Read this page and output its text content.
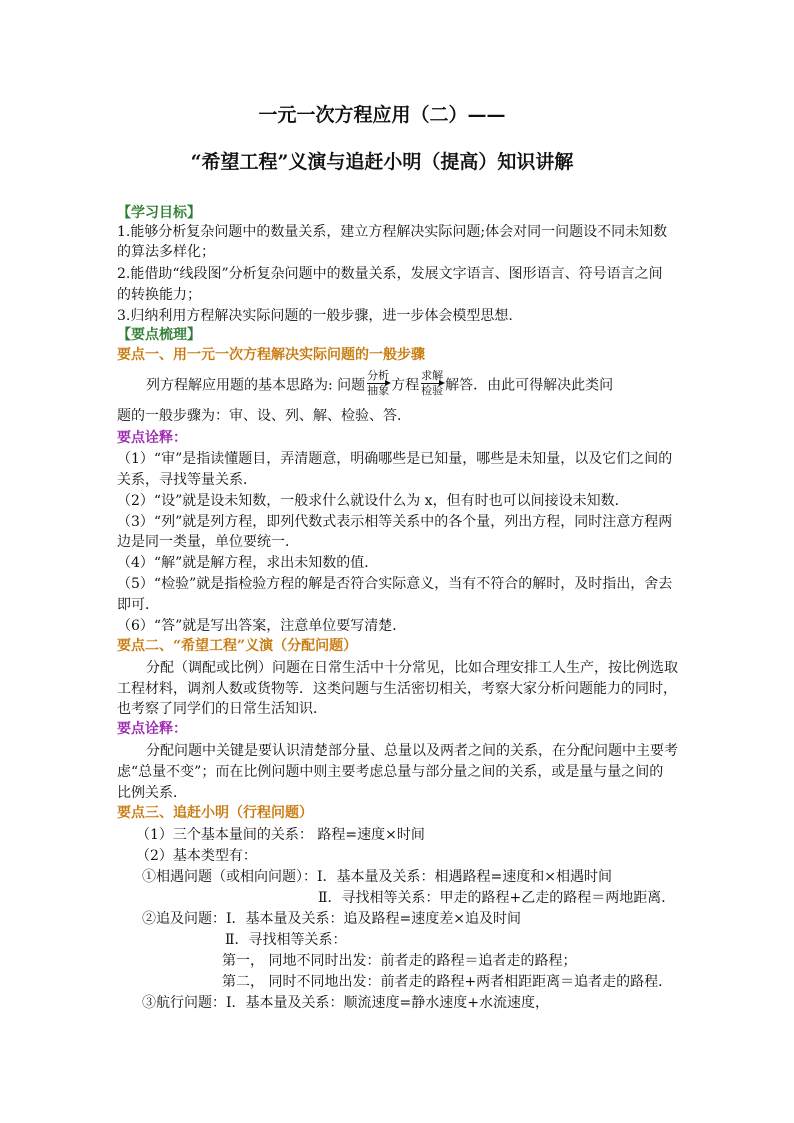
一元一次方程应用（二）——
“希望工程”义演与追赶小明（提高）知识讲解
【学习目标】
1.能够分析复杂问题中的数量关系，建立方程解决实际问题;体会对同一问题设不同未知数
的算法多样化；
2.能借助“线段图”分析复杂问题中的数量关系，发展文字语言、图形语言、符号语言之间
的转换能力；
3.归纳利用方程解决实际问题的一般步骤，进一步体会模型思想.
【要点梳理】
要点一、用一元一次方程解决实际问题的一般步骤
列方程解应用题的基本思路为: 问题
分析
抽象 方程
求解
检验 解答．由此可得解决此类问
题的一般步骤为：审、设、列、解、检验、答．
要点诠释：
（1）“审”是指读懂题目，弄清题意，明确哪些是已知量，哪些是未知量，以及它们之间的
关系，寻找等量关系．
（2）“设”就是设未知数，一般求什么就设什么为 x，但有时也可以间接设未知数．
（3）“列”就是列方程，即列代数式表示相等关系中的各个量，列出方程，同时注意方程两
边是同一类量，单位要统一．
（4）“解”就是解方程，求出未知数的值．
（5）“检验”就是指检验方程的解是否符合实际意义，当有不符合的解时，及时指出，舍去
即可．
（6）“答”就是写出答案，注意单位要写清楚．
要点二、“希望工程”义演（分配问题）
分配（调配或比例）问题在日常生活中十分常见，比如合理安排工人生产，按比例选取
工程材料，调剂人数或货物等．这类问题与生活密切相关，考察大家分析问题能力的同时，
也考察了同学们的日常生活知识．
要点诠释：
分配问题中关键是要认识清楚部分量、总量以及两者之间的关系，在分配问题中主要考
虑“总量不变”；而在比例问题中则主要考虑总量与部分量之间的关系，或是量与量之间的
比例关系．
要点三、追赶小明（行程问题）
（1）三个基本量间的关系： 路程=速度×时间
（2）基本类型有：
①相遇问题（或相向问题）：Ⅰ．基本量及关系：相遇路程=速度和×相遇时间
Ⅱ．寻找相等关系：甲走的路程+乙走的路程＝两地距离．
②追及问题：Ⅰ．基本量及关系：追及路程=速度差×追及时间
Ⅱ．寻找相等关系：
第一， 同地不同时出发：前者走的路程＝追者走的路程；
第二， 同时不同地出发：前者走的路程+两者相距距离＝追者走的路程．
③航行问题：Ⅰ．基本量及关系：顺流速度=静水速度+水流速度，
